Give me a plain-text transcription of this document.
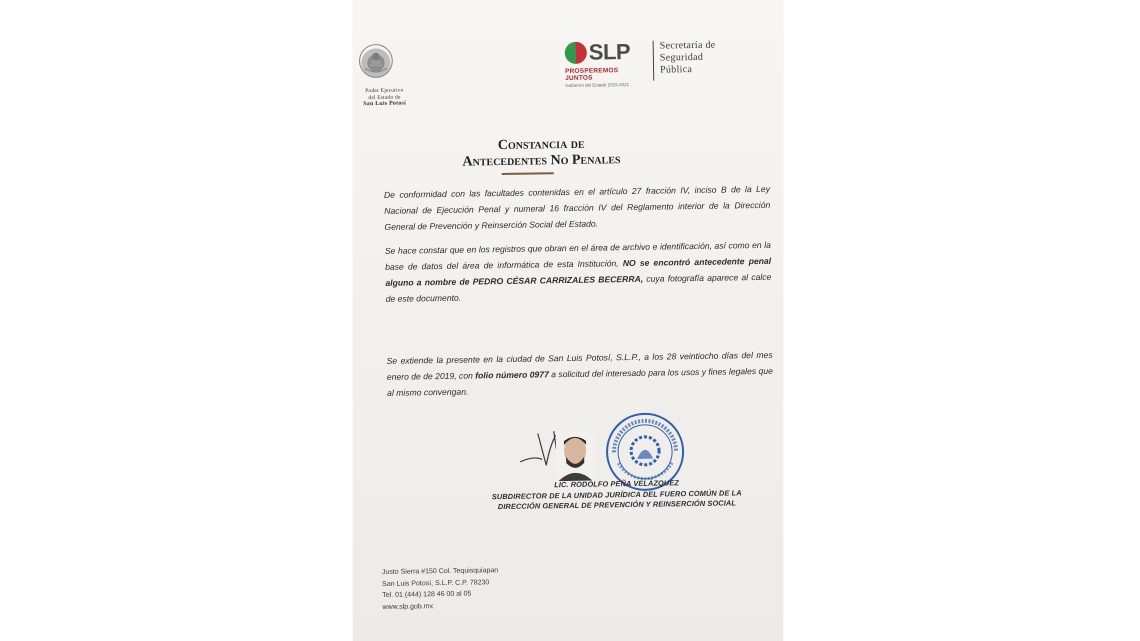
Poder Ejecutivo
del Estado de
San Luis Potosí
SLP
PROSPEREMOS JUNTOS
Gobierno del Estado 2015-2021
Secretaría de
Seguridad
Pública
Constancia de
Antecedentes No Penales
De conformidad con las facultades contenidas en el artículo 27 fracción IV, inciso B de la Ley Nacional de Ejecución Penal y numeral 16 fracción IV del Reglamento interior de la Dirección General de Prevención y Reinserción Social del Estado.
Se hace constar que en los registros que obran en el área de archivo e identificación, así como en la base de datos del área de informática de esta Institución, NO se encontró antecedente penal alguno a nombre de PEDRO CÉSAR CARRIZALES BECERRA, cuya fotografía aparece al calce de este documento.
Se extiende la presente en la ciudad de San Luis Potosí, S.L.P., a los 28 veintiocho días del mes enero de de 2019, con folio número 0977 a solicitud del interesado para los usos y fines legales que al mismo convengan.
LIC. RODOLFO PEÑA VELÁZQUEZ
SUBDIRECTOR DE LA UNIDAD JURÍDICA DEL FUERO COMÚN DE LA
DIRECCIÓN GENERAL DE PREVENCIÓN Y REINSERCIÓN SOCIAL
Justo Sierra #150 Col. Tequisquiapan
San Luis Potosí, S.L.P. C.P. 78230
Tel. 01 (444) 128 46 00 al 05
www.slp.gob.mx
